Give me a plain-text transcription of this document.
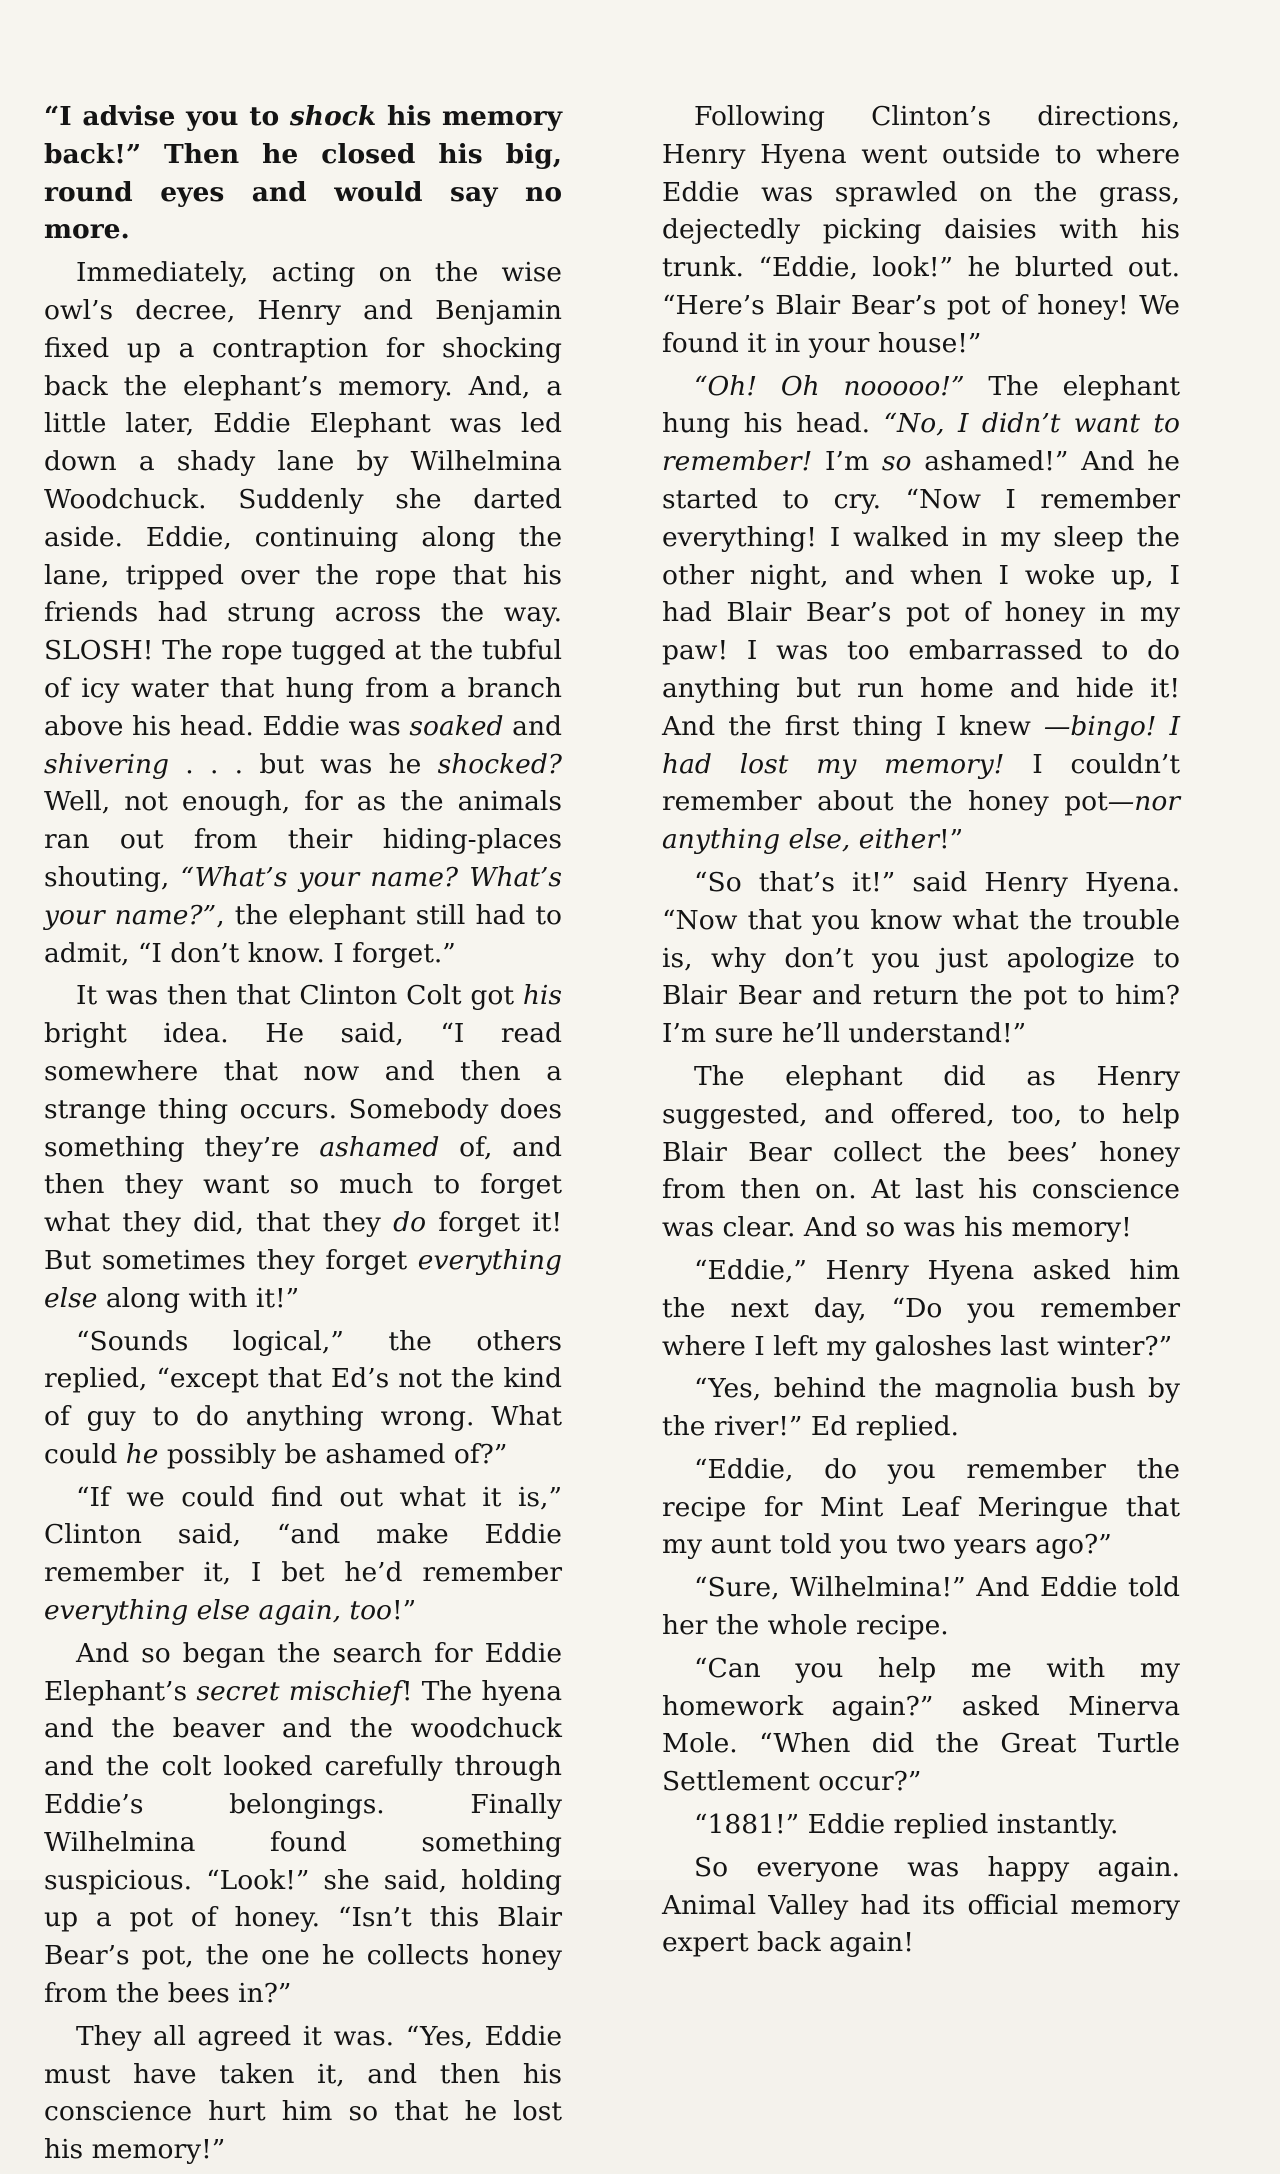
“I advise you to shock his memory back!” Then he closed his big, round eyes and would say no more.

Immediately, acting on the wise owl’s decree, Henry and Benjamin fixed up a contraption for shocking back the elephant’s memory. And, a little later, Eddie Elephant was led down a shady lane by Wilhelmina Woodchuck. Suddenly she darted aside. Eddie, continuing along the lane, tripped over the rope that his friends had strung across the way. SLOSH! The rope tugged at the tubful of icy water that hung from a branch above his head. Eddie was soaked and shivering . . . but was he shocked? Well, not enough, for as the animals ran out from their hiding-places shouting, “What’s your name? What’s your name?”, the elephant still had to admit, “I don’t know. I forget.”

It was then that Clinton Colt got his bright idea. He said, “I read somewhere that now and then a strange thing occurs. Somebody does something they’re ashamed of, and then they want so much to forget what they did, that they do forget it! But sometimes they forget everything else along with it!”

“Sounds logical,” the others replied, “except that Ed’s not the kind of guy to do anything wrong. What could he possibly be ashamed of?”

“If we could find out what it is,” Clinton said, “and make Eddie remember it, I bet he’d remember everything else again, too!”

And so began the search for Eddie Elephant’s secret mischief! The hyena and the beaver and the woodchuck and the colt looked carefully through Eddie’s belongings. Finally Wilhelmina found something suspicious. “Look!” she said, holding up a pot of honey. “Isn’t this Blair Bear’s pot, the one he collects honey from the bees in?”

They all agreed it was. “Yes, Eddie must have taken it, and then his conscience hurt him so that he lost his memory!”

Following Clinton’s directions, Henry Hyena went outside to where Eddie was sprawled on the grass, dejectedly picking daisies with his trunk. “Eddie, look!” he blurted out. “Here’s Blair Bear’s pot of honey! We found it in your house!”

“Oh! Oh nooooo!” The elephant hung his head. “No, I didn’t want to remember! I’m so ashamed!” And he started to cry. “Now I remember everything! I walked in my sleep the other night, and when I woke up, I had Blair Bear’s pot of honey in my paw! I was too embarrassed to do anything but run home and hide it! And the first thing I knew —bingo! I had lost my memory! I couldn’t remember about the honey pot—nor anything else, either!”

“So that’s it!” said Henry Hyena. “Now that you know what the trouble is, why don’t you just apologize to Blair Bear and return the pot to him? I’m sure he’ll understand!”

The elephant did as Henry suggested, and offered, too, to help Blair Bear collect the bees’ honey from then on. At last his conscience was clear. And so was his memory!

“Eddie,” Henry Hyena asked him the next day, “Do you remember where I left my galoshes last winter?”

“Yes, behind the magnolia bush by the river!” Ed replied.

“Eddie, do you remember the recipe for Mint Leaf Meringue that my aunt told you two years ago?”

“Sure, Wilhelmina!” And Eddie told her the whole recipe.

“Can you help me with my homework again?” asked Minerva Mole. “When did the Great Turtle Settlement occur?”

“1881!” Eddie replied instantly.

So everyone was happy again. Animal Valley had its official memory expert back again!
